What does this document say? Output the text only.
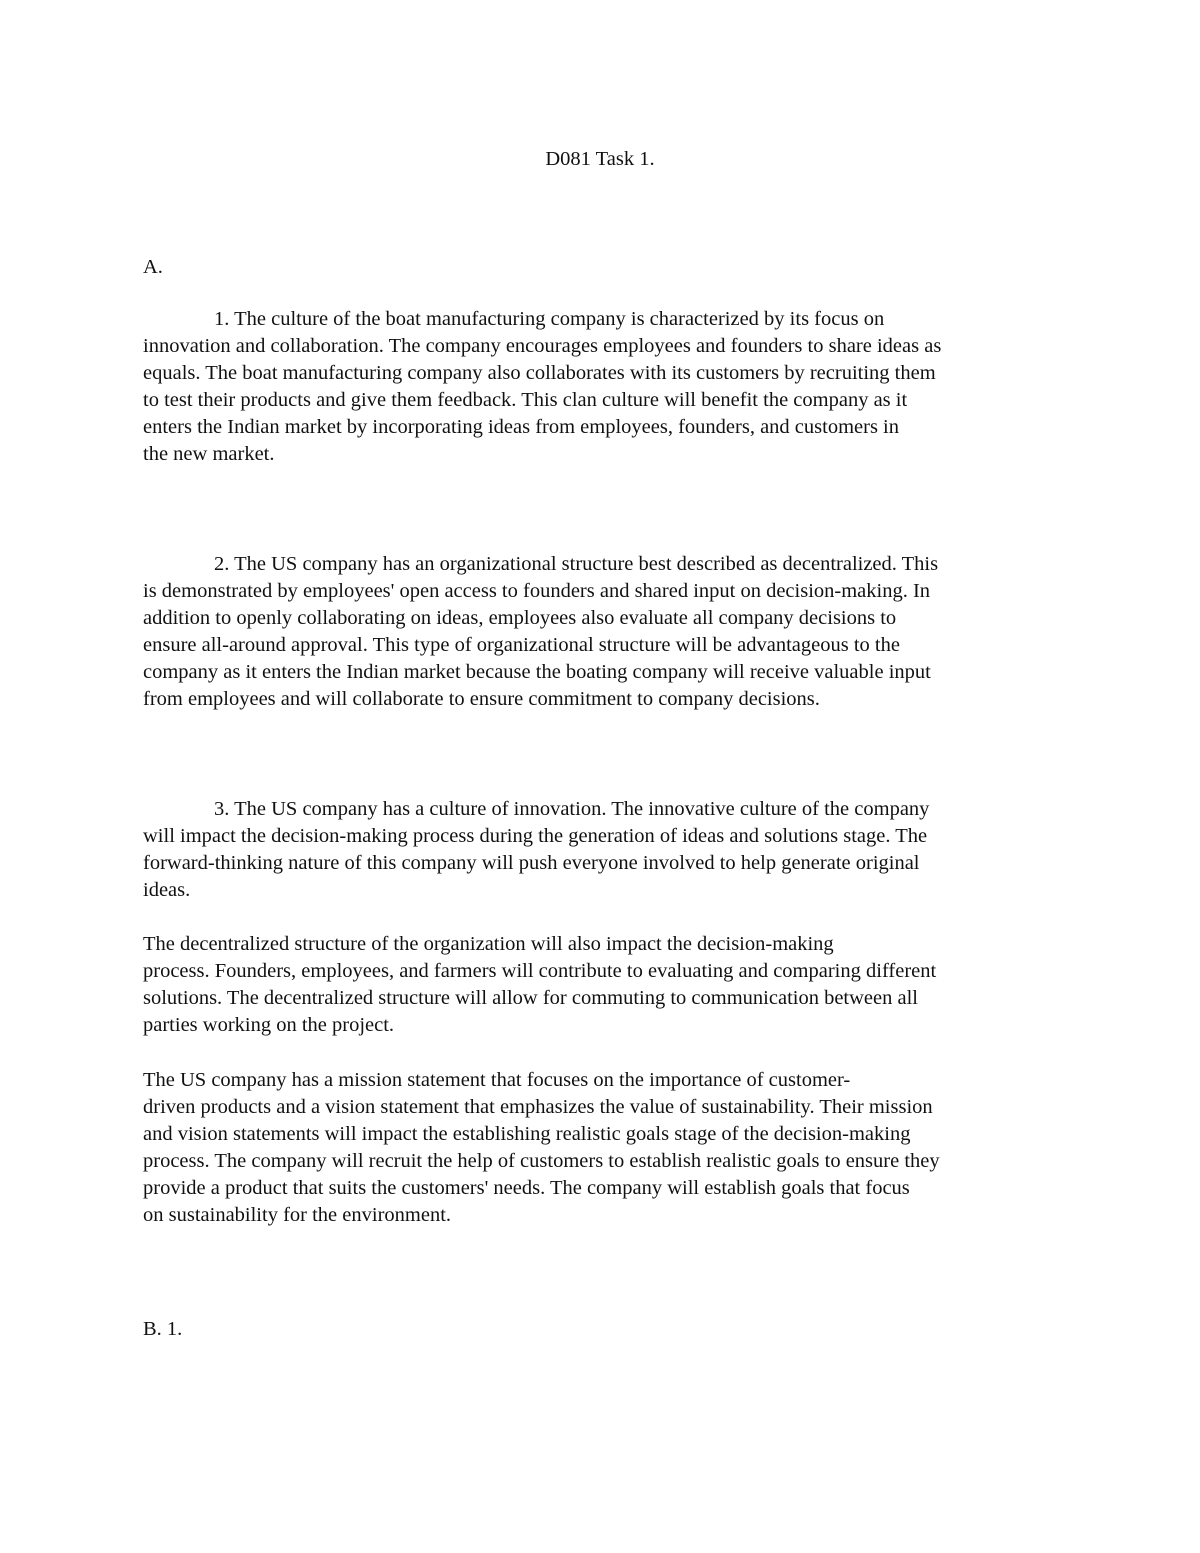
D081 Task 1.
A.
1. The culture of the boat manufacturing company is characterized by its focus on
innovation and collaboration. The company encourages employees and founders to share ideas as
equals. The boat manufacturing company also collaborates with its customers by recruiting them
to test their products and give them feedback. This clan culture will benefit the company as it
enters the Indian market by incorporating ideas from employees, founders, and customers in
the new market.
2. The US company has an organizational structure best described as decentralized. This
is demonstrated by employees' open access to founders and shared input on decision-making. In
addition to openly collaborating on ideas, employees also evaluate all company decisions to
ensure all-around approval. This type of organizational structure will be advantageous to the
company as it enters the Indian market because the boating company will receive valuable input
from employees and will collaborate to ensure commitment to company decisions.
3. The US company has a culture of innovation. The innovative culture of the company
will impact the decision-making process during the generation of ideas and solutions stage. The
forward-thinking nature of this company will push everyone involved to help generate original
ideas.
The decentralized structure of the organization will also impact the decision-making
process. Founders, employees, and farmers will contribute to evaluating and comparing different
solutions. The decentralized structure will allow for commuting to communication between all
parties working on the project.
The US company has a mission statement that focuses on the importance of customer-
driven products and a vision statement that emphasizes the value of sustainability. Their mission
and vision statements will impact the establishing realistic goals stage of the decision-making
process. The company will recruit the help of customers to establish realistic goals to ensure they
provide a product that suits the customers' needs. The company will establish goals that focus
on sustainability for the environment.
B. 1.
